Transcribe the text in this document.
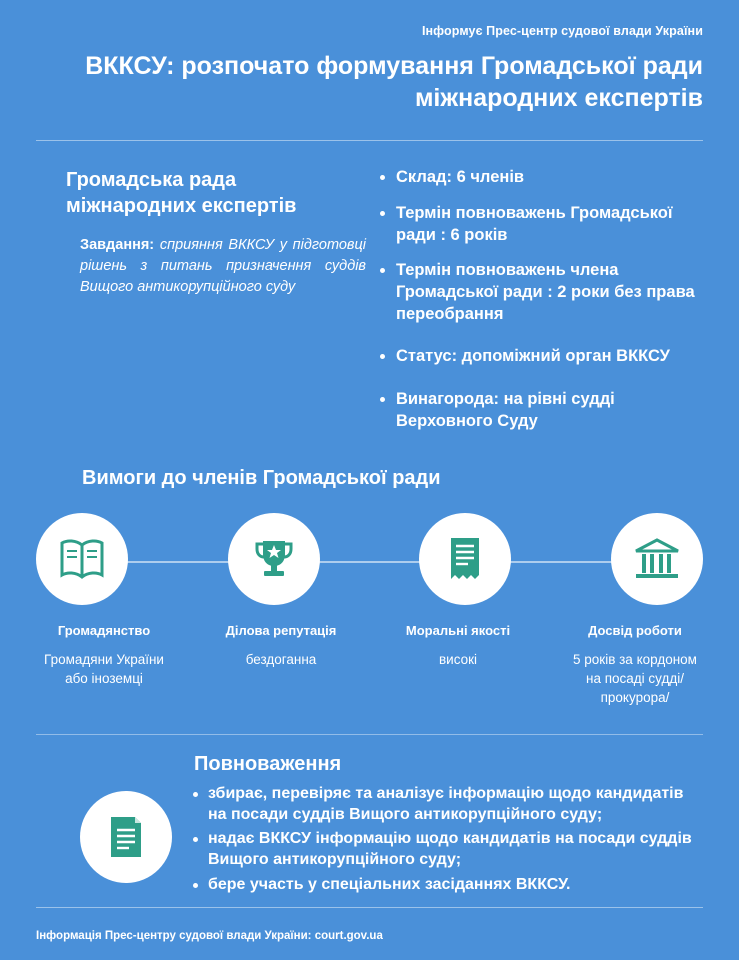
Інформує Прес-центр судової влади України
ВККСУ: розпочато формування Громадської ради міжнародних експертів
Громадська рада міжнародних експертів
Завдання: сприяння ВККСУ у підготовці рішень з питань призначення суддів Вищого антикорупційного суду
Склад: 6 членів
Термін повноважень Громадської ради : 6 років
Термін повноважень члена Громадської ради : 2 роки без права переобрання
Статус: допоміжний орган ВККСУ
Винагорода: на рівні судді Верховного Суду
Вимоги до членів Громадської ради
Громадянство
Громадяни України або іноземці
Ділова репутація
бездоганна
Моральні якості
високі
Досвід роботи
5 років за кордоном на посаді судді/прокурора/
Повноваження
збирає, перевіряє та аналізує інформацію щодо кандидатів на посади суддів Вищого антикорупційного суду;
надає ВККСУ інформацію щодо кандидатів на посади суддів Вищого антикорупційного суду;
бере участь у спеціальних засіданнях ВККСУ.
Інформація Прес-центру судової влади України: court.gov.ua
